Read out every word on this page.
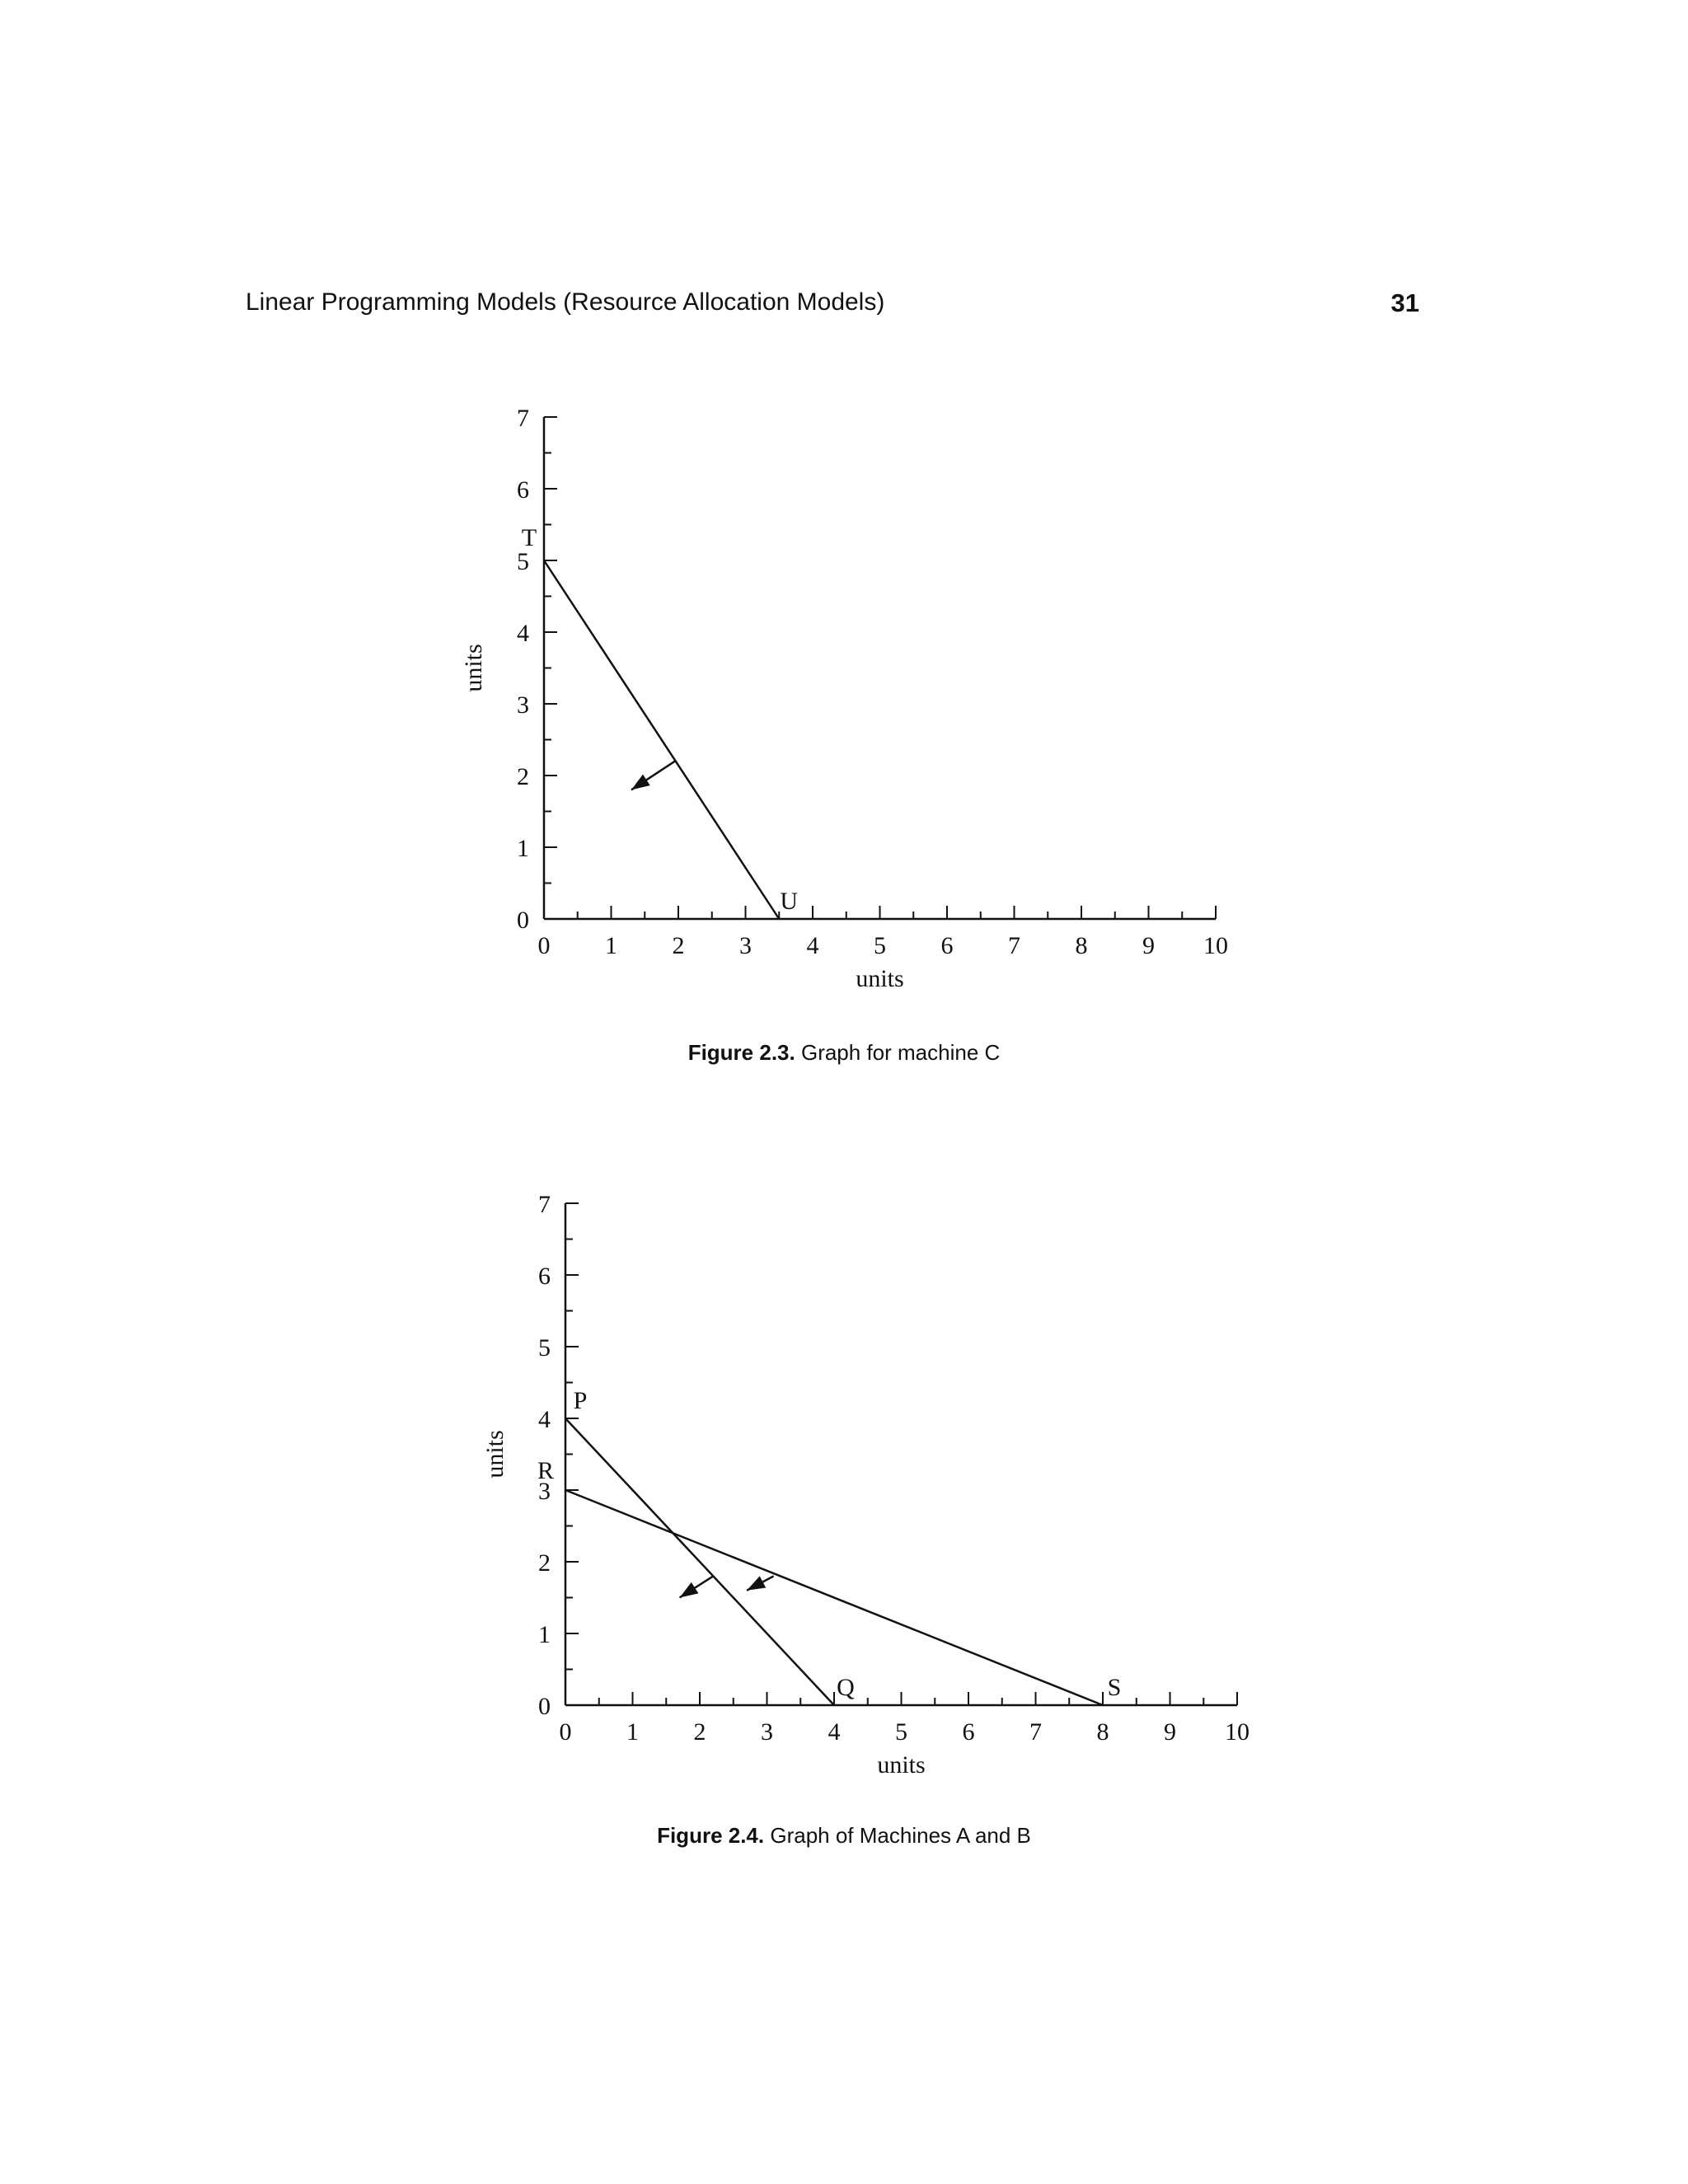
Linear Programming Models (Resource Allocation Models)	31
0 1 2 3 4 5 6 7 8 9 10
0
1
2
3
4
5
6
7
units
units
T
U
Figure 2.3. Graph for machine C
0 1 2 3 4 5 6 7 8 9 10
0
1
2
3
4
5
6
7
units
units
P
Q
R
S
Figure 2.4. Graph of Machines A and B
